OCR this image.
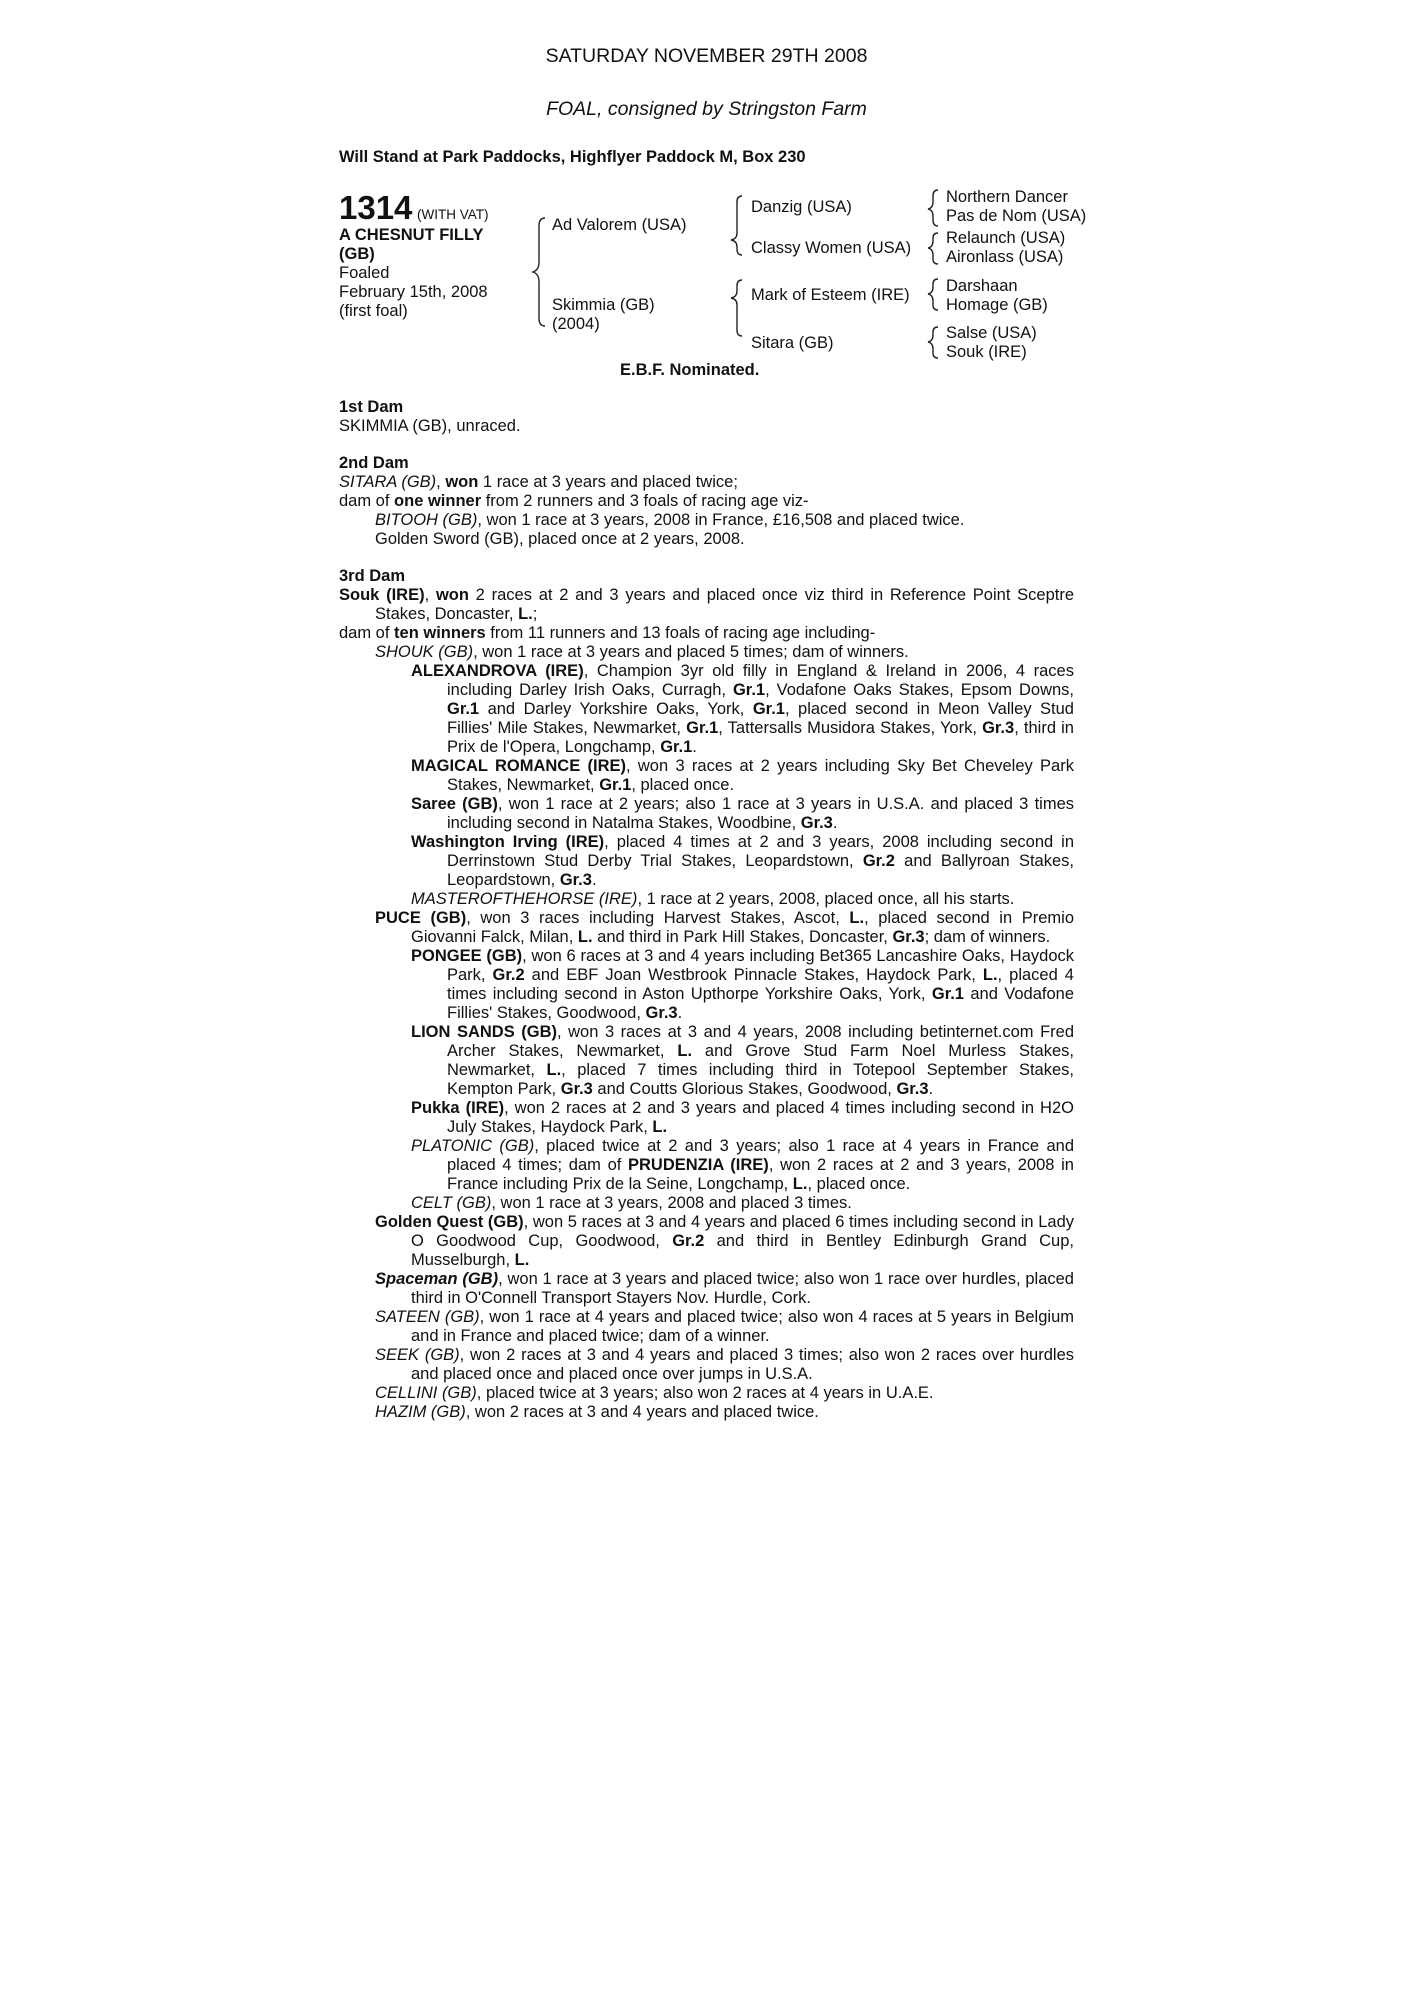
SATURDAY NOVEMBER 29TH 2008
FOAL, consigned by Stringston Farm
Will Stand at Park Paddocks, Highflyer Paddock M, Box 230
1314 (WITH VAT)
A CHESNUT FILLY
(GB)
Foaled
February 15th, 2008
(first foal)
Ad Valorem (USA)
Skimmia (GB)
(2004)
Danzig (USA)
Classy Women (USA)
Mark of Esteem (IRE)
Sitara (GB)
Northern Dancer
Pas de Nom (USA)
Relaunch (USA)
Aironlass (USA)
Darshaan
Homage (GB)
Salse (USA)
Souk (IRE)
E.B.F. Nominated.
1st Dam
SKIMMIA (GB), unraced.
2nd Dam
SITARA (GB), won 1 race at 3 years and placed twice;
dam of one winner from 2 runners and 3 foals of racing age viz-
BITOOH (GB), won 1 race at 3 years, 2008 in France, £16,508 and placed twice.
Golden Sword (GB), placed once at 2 years, 2008.
3rd Dam
Souk (IRE), won 2 races at 2 and 3 years and placed once viz third in Reference Point Sceptre Stakes, Doncaster, L.;
dam of ten winners from 11 runners and 13 foals of racing age including-
SHOUK (GB), won 1 race at 3 years and placed 5 times; dam of winners.
ALEXANDROVA (IRE), Champion 3yr old filly in England & Ireland in 2006, 4 races including Darley Irish Oaks, Curragh, Gr.1, Vodafone Oaks Stakes, Epsom Downs, Gr.1 and Darley Yorkshire Oaks, York, Gr.1, placed second in Meon Valley Stud Fillies' Mile Stakes, Newmarket, Gr.1, Tattersalls Musidora Stakes, York, Gr.3, third in Prix de l'Opera, Longchamp, Gr.1.
MAGICAL ROMANCE (IRE), won 3 races at 2 years including Sky Bet Cheveley Park Stakes, Newmarket, Gr.1, placed once.
Saree (GB), won 1 race at 2 years; also 1 race at 3 years in U.S.A. and placed 3 times including second in Natalma Stakes, Woodbine, Gr.3.
Washington Irving (IRE), placed 4 times at 2 and 3 years, 2008 including second in Derrinstown Stud Derby Trial Stakes, Leopardstown, Gr.2 and Ballyroan Stakes, Leopardstown, Gr.3.
MASTEROFTHEHORSE (IRE), 1 race at 2 years, 2008, placed once, all his starts.
PUCE (GB), won 3 races including Harvest Stakes, Ascot, L., placed second in Premio Giovanni Falck, Milan, L. and third in Park Hill Stakes, Doncaster, Gr.3; dam of winners.
PONGEE (GB), won 6 races at 3 and 4 years including Bet365 Lancashire Oaks, Haydock Park, Gr.2 and EBF Joan Westbrook Pinnacle Stakes, Haydock Park, L., placed 4 times including second in Aston Upthorpe Yorkshire Oaks, York, Gr.1 and Vodafone Fillies' Stakes, Goodwood, Gr.3.
LION SANDS (GB), won 3 races at 3 and 4 years, 2008 including betinternet.com Fred Archer Stakes, Newmarket, L. and Grove Stud Farm Noel Murless Stakes, Newmarket, L., placed 7 times including third in Totepool September Stakes, Kempton Park, Gr.3 and Coutts Glorious Stakes, Goodwood, Gr.3.
Pukka (IRE), won 2 races at 2 and 3 years and placed 4 times including second in H2O July Stakes, Haydock Park, L.
PLATONIC (GB), placed twice at 2 and 3 years; also 1 race at 4 years in France and placed 4 times; dam of PRUDENZIA (IRE), won 2 races at 2 and 3 years, 2008 in France including Prix de la Seine, Longchamp, L., placed once.
CELT (GB), won 1 race at 3 years, 2008 and placed 3 times.
Golden Quest (GB), won 5 races at 3 and 4 years and placed 6 times including second in Lady O Goodwood Cup, Goodwood, Gr.2 and third in Bentley Edinburgh Grand Cup, Musselburgh, L.
Spaceman (GB), won 1 race at 3 years and placed twice; also won 1 race over hurdles, placed third in O'Connell Transport Stayers Nov. Hurdle, Cork.
SATEEN (GB), won 1 race at 4 years and placed twice; also won 4 races at 5 years in Belgium and in France and placed twice; dam of a winner.
SEEK (GB), won 2 races at 3 and 4 years and placed 3 times; also won 2 races over hurdles and placed once and placed once over jumps in U.S.A.
CELLINI (GB), placed twice at 3 years; also won 2 races at 4 years in U.A.E.
HAZIM (GB), won 2 races at 3 and 4 years and placed twice.
